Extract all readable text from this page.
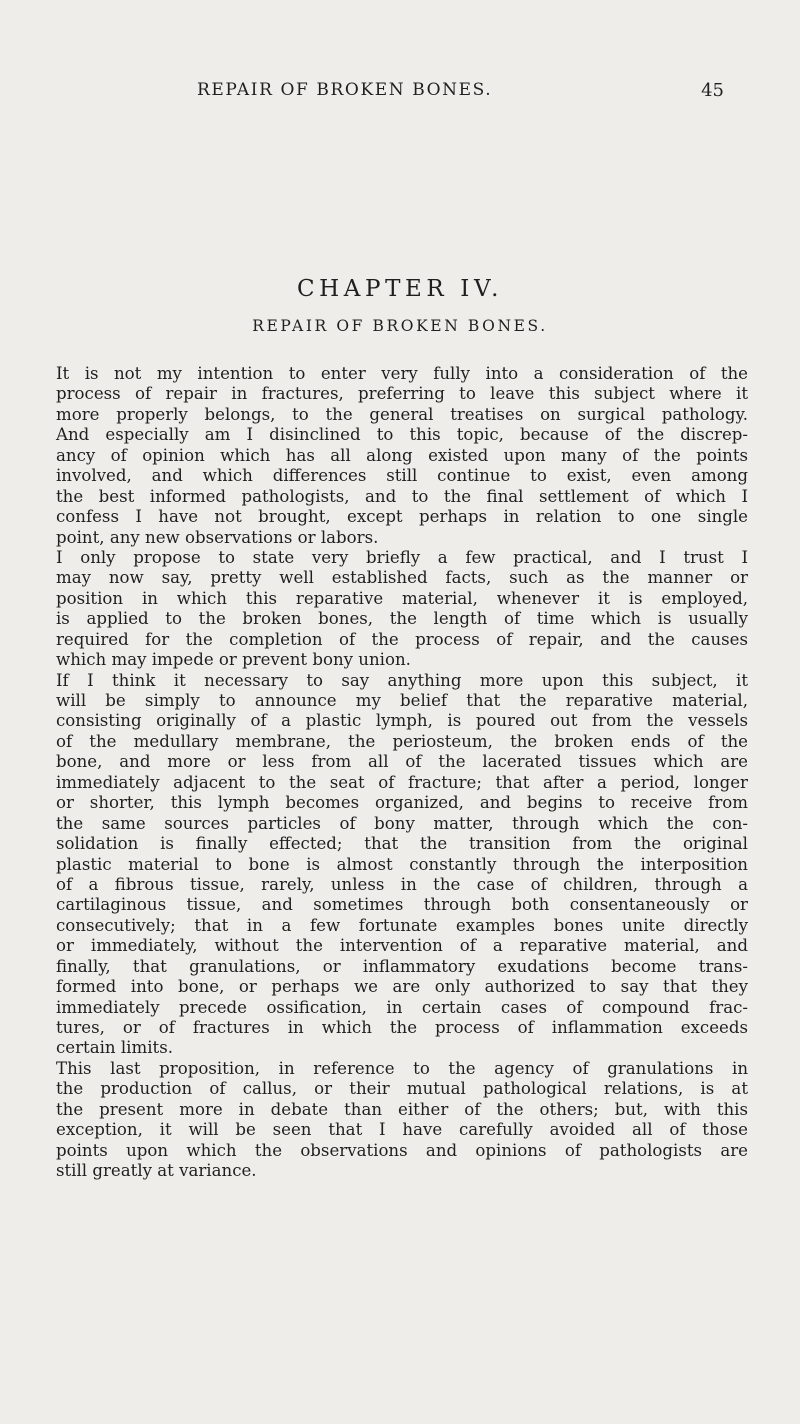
REPAIR OF BROKEN BONES.	45
CHAPTER IV.
REPAIR OF BROKEN BONES.
It is not my intention to enter very fully into a consideration of the
process of repair in fractures, preferring to leave this subject where it
more properly belongs, to the general treatises on surgical pathology.
And especially am I disinclined to this topic, because of the discrep-
ancy of opinion which has all along existed upon many of the points
involved, and which differences still continue to exist, even among
the best informed pathologists, and to the final settlement of which I
confess I have not brought, except perhaps in relation to one single
point, any new observations or labors.
I only propose to state very briefly a few practical, and I trust I
may now say, pretty well established facts, such as the manner or
position in which this reparative material, whenever it is employed,
is applied to the broken bones, the length of time which is usually
required for the completion of the process of repair, and the causes
which may impede or prevent bony union.
If I think it necessary to say anything more upon this subject, it
will be simply to announce my belief that the reparative material,
consisting originally of a plastic lymph, is poured out from the vessels
of the medullary membrane, the periosteum, the broken ends of the
bone, and more or less from all of the lacerated tissues which are
immediately adjacent to the seat of fracture; that after a period, longer
or shorter, this lymph becomes organized, and begins to receive from
the same sources particles of bony matter, through which the con-
solidation is finally effected; that the transition from the original
plastic material to bone is almost constantly through the interposition
of a fibrous tissue, rarely, unless in the case of children, through a
cartilaginous tissue, and sometimes through both consentaneously or
consecutively; that in a few fortunate examples bones unite directly
or immediately, without the intervention of a reparative material, and
finally, that granulations, or inflammatory exudations become trans-
formed into bone, or perhaps we are only authorized to say that they
immediately precede ossification, in certain cases of compound frac-
tures, or of fractures in which the process of inflammation exceeds
certain limits.
This last proposition, in reference to the agency of granulations in
the production of callus, or their mutual pathological relations, is at
the present more in debate than either of the others; but, with this
exception, it will be seen that I have carefully avoided all of those
points upon which the observations and opinions of pathologists are
still greatly at variance.
